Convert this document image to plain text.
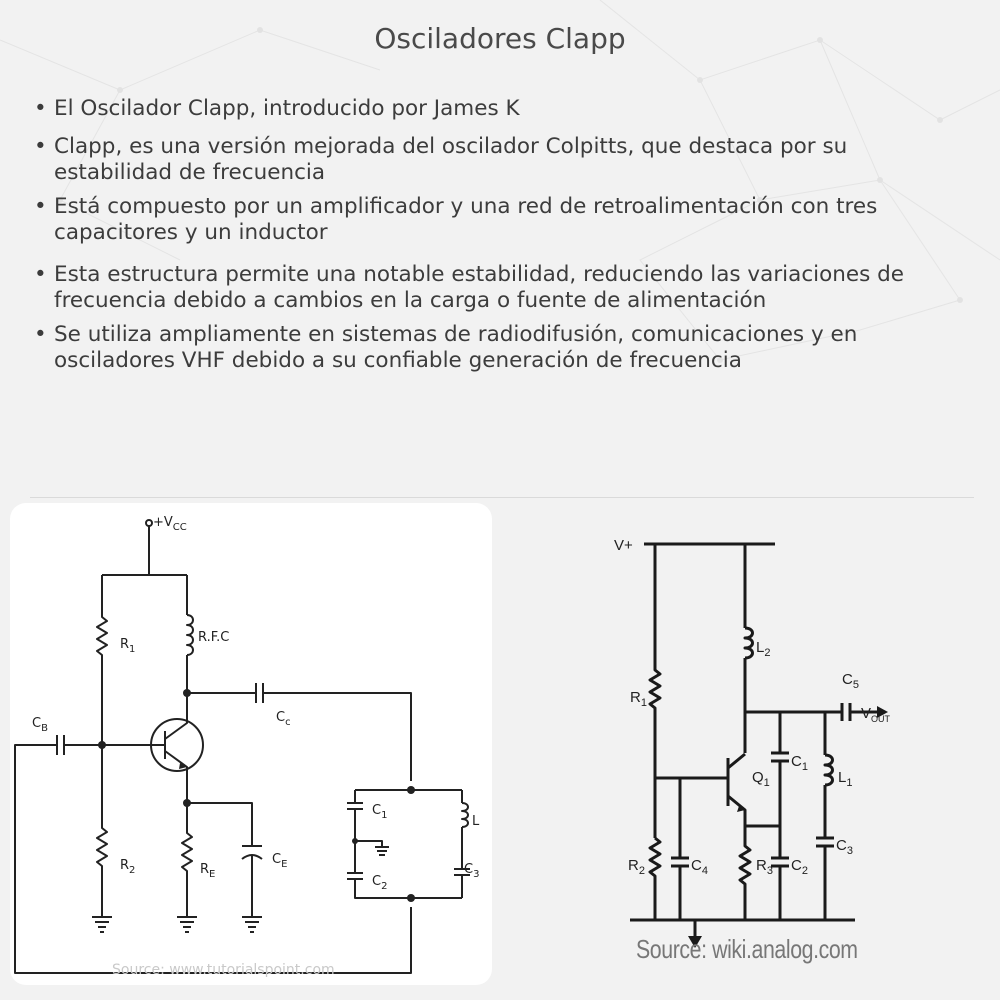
Osciladores Clapp
• El Oscilador Clapp, introducido por James K
• Clapp, es una versión mejorada del oscilador Colpitts, que destaca por su estabilidad de frecuencia
• Está compuesto por un amplificador y una red de retroalimentación con tres capacitores y un inductor
• Esta estructura permite una notable estabilidad, reduciendo las variaciones de frecuencia debido a cambios en la carga o fuente de alimentación
• Se utiliza ampliamente en sistemas de radiodifusión, comunicaciones y en osciladores VHF debido a su confiable generación de frecuencia
$+V_{CC}$
$R_1$
R.F.C
$C_B$
$C_c$
$R_2$	$R_E$
$C_E$
$C_1$
$C_2$
L
$C_3$
Source: www.tutorialspoint.com
V+
$R_1$
$L_2$
$C_5$
$V_{OUT}$
$Q_1$
$C_1$
$L_1$
$C_3$
$R_2$	$C_4$	$R_3$ $C_2$
Source: wiki.analog.com
